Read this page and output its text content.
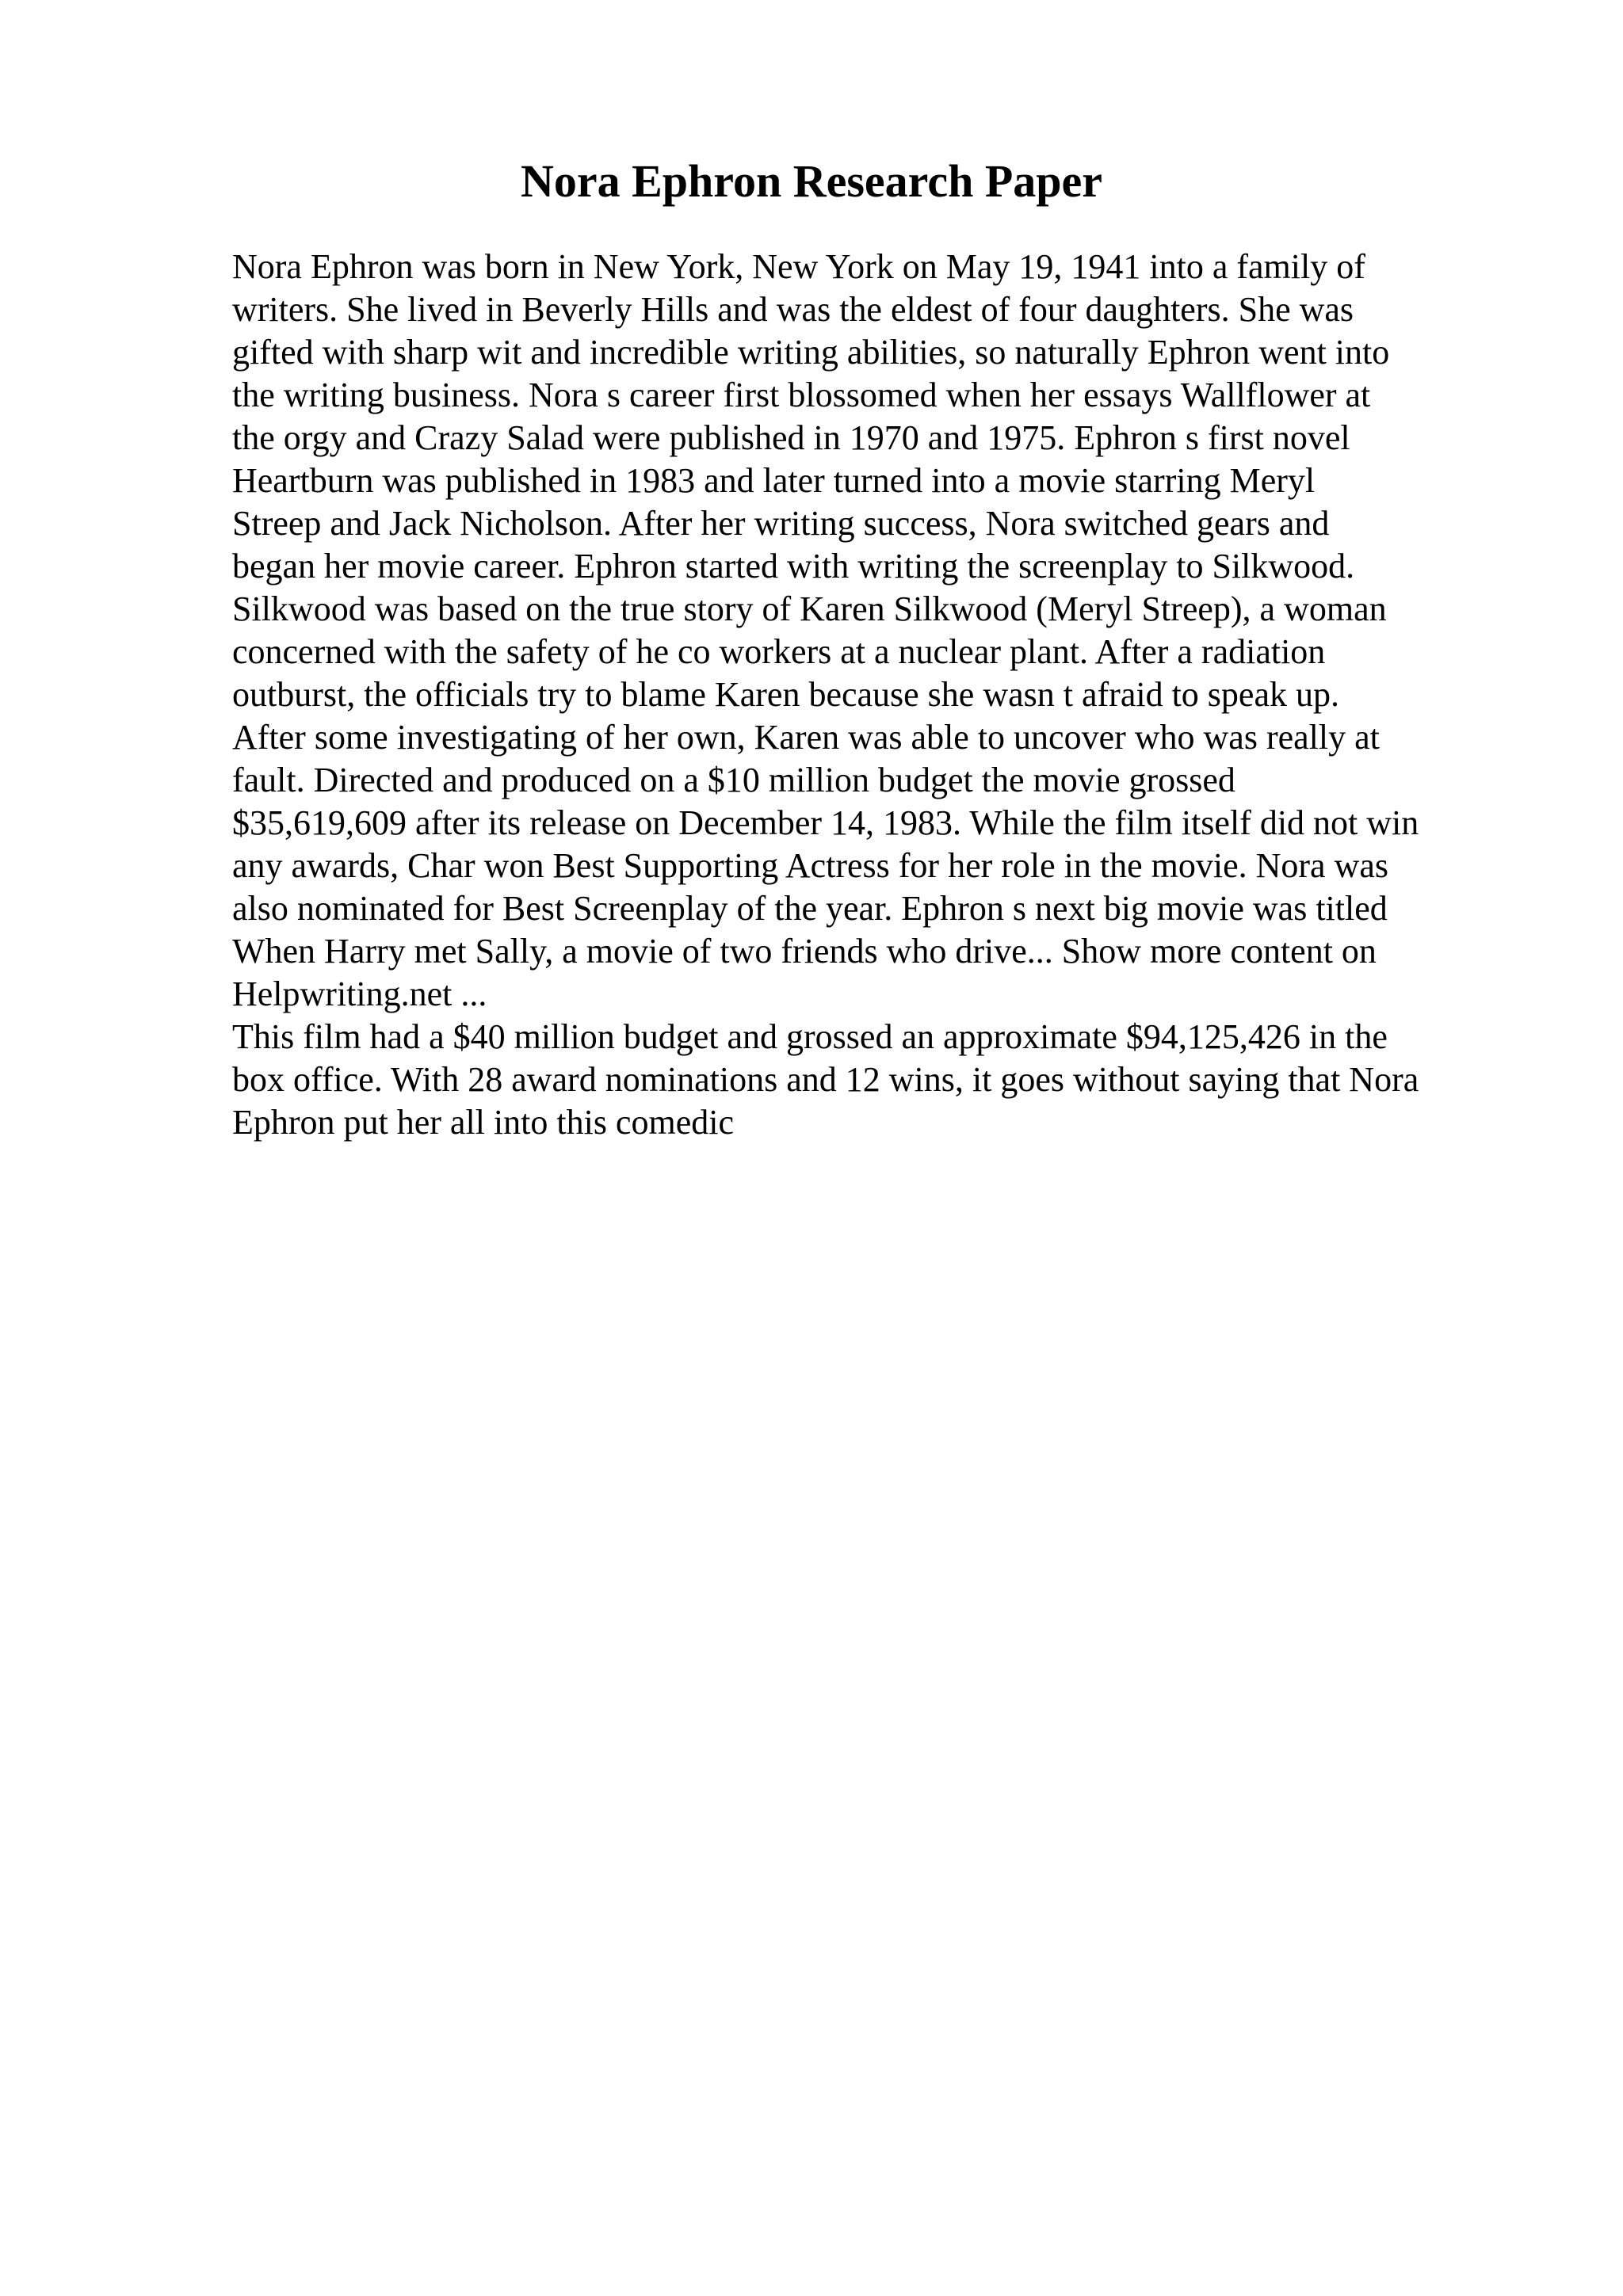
Nora Ephron Research Paper
Nora Ephron was born in New York, New York on May 19, 1941 into a family of
writers. She lived in Beverly Hills and was the eldest of four daughters. She was
gifted with sharp wit and incredible writing abilities, so naturally Ephron went into
the writing business. Nora s career first blossomed when her essays Wallflower at
the orgy and Crazy Salad were published in 1970 and 1975. Ephron s first novel
Heartburn was published in 1983 and later turned into a movie starring Meryl
Streep and Jack Nicholson. After her writing success, Nora switched gears and
began her movie career. Ephron started with writing the screenplay to Silkwood.
Silkwood was based on the true story of Karen Silkwood (Meryl Streep), a woman
concerned with the safety of he co workers at a nuclear plant. After a radiation
outburst, the officials try to blame Karen because she wasn t afraid to speak up.
After some investigating of her own, Karen was able to uncover who was really at
fault. Directed and produced on a $10 million budget the movie grossed
$35,619,609 after its release on December 14, 1983. While the film itself did not win
any awards, Char won Best Supporting Actress for her role in the movie. Nora was
also nominated for Best Screenplay of the year. Ephron s next big movie was titled
When Harry met Sally, a movie of two friends who drive... Show more content on
Helpwriting.net ...
This film had a $40 million budget and grossed an approximate $94,125,426 in the
box office. With 28 award nominations and 12 wins, it goes without saying that Nora
Ephron put her all into this comedic
